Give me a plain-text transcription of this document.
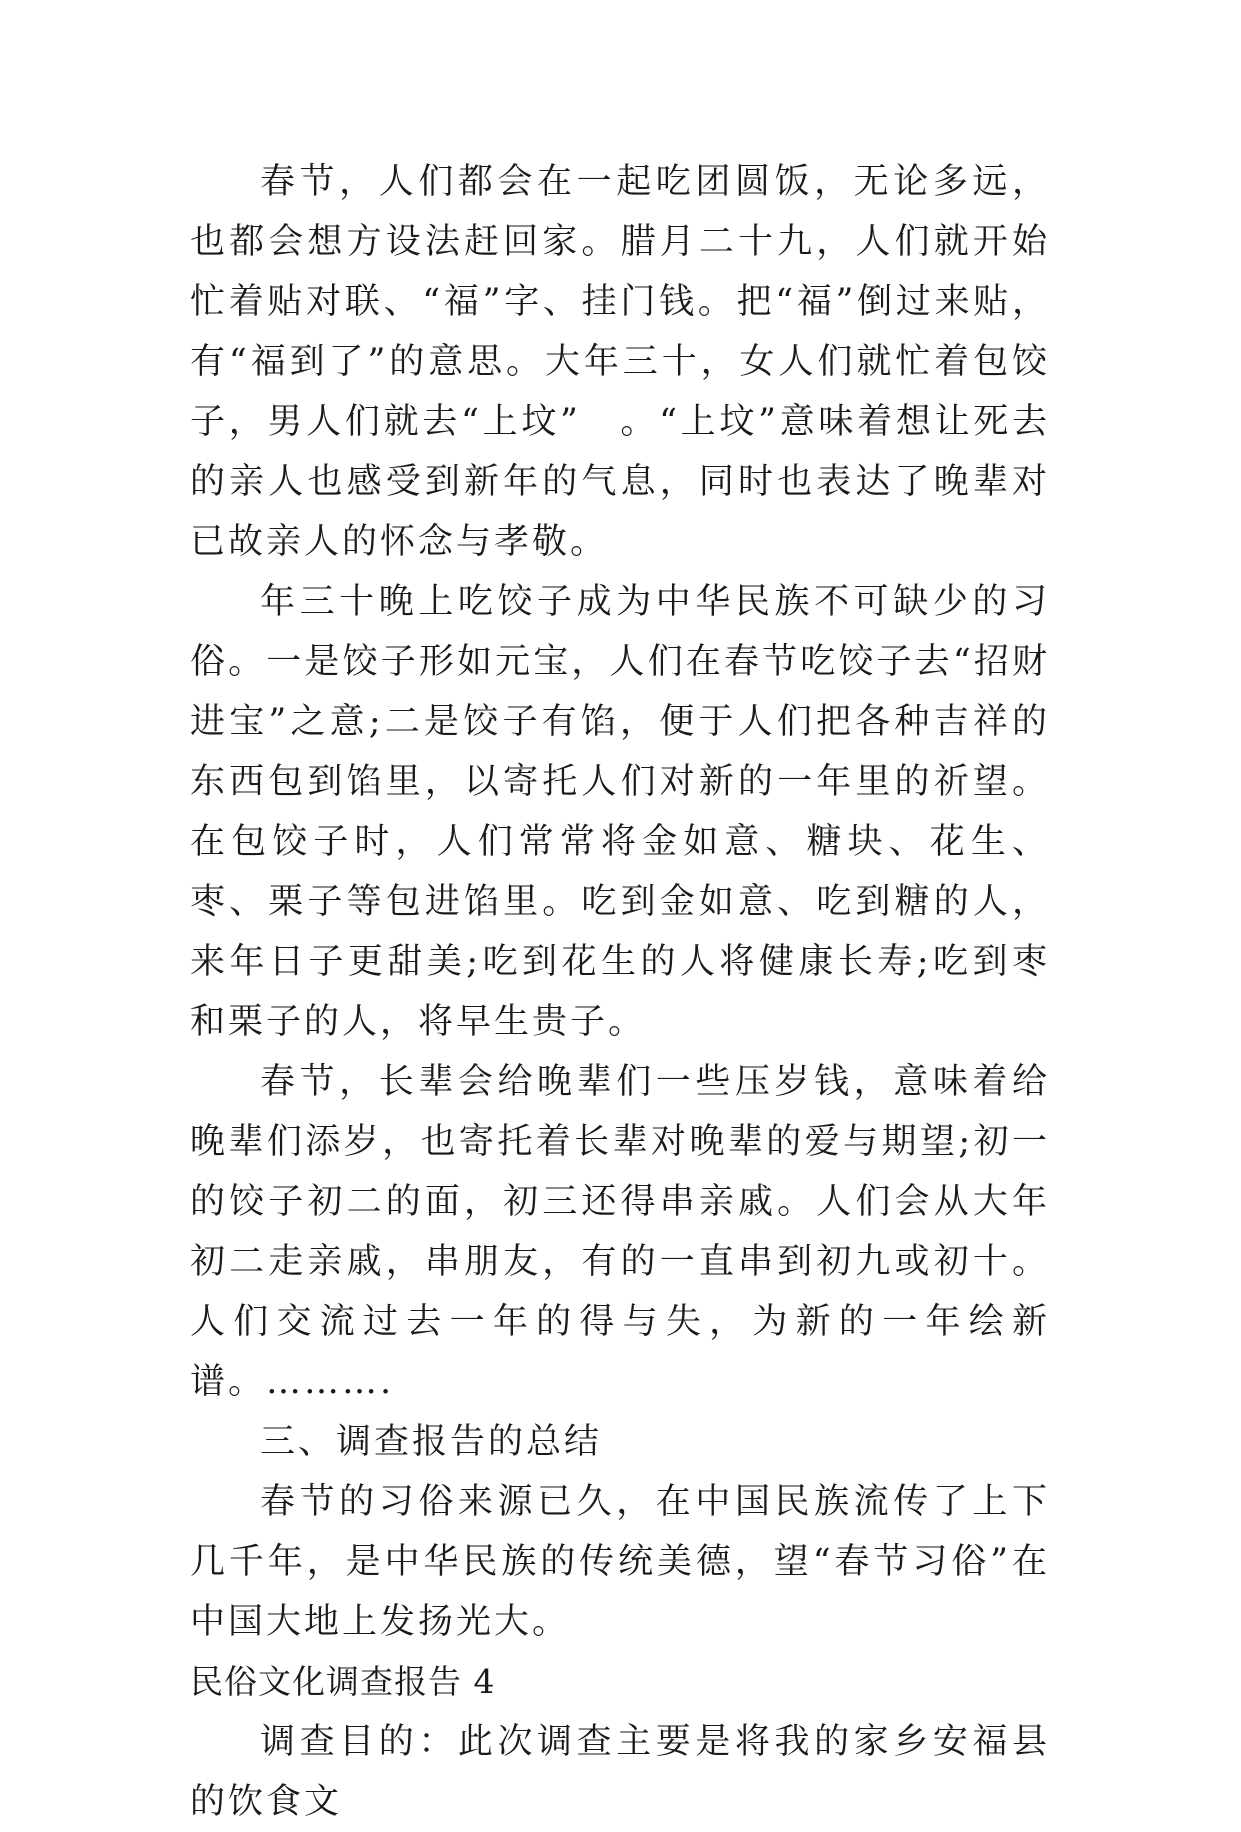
春节，人们都会在一起吃团圆饭，无论多远，也都会想方设法赶回家。腊月二十九，人们就开始忙着贴对联、“福”字、挂门钱。把“福”倒过来贴，有“福到了”的意思。大年三十，女人们就忙着包饺子，男人们就去“上坟”　。“上坟”意味着想让死去的亲人也感受到新年的气息，同时也表达了晚辈对已故亲人的怀念与孝敬。

年三十晚上吃饺子成为中华民族不可缺少的习俗。一是饺子形如元宝，人们在春节吃饺子去“招财进宝”之意;二是饺子有馅，便于人们把各种吉祥的东西包到馅里，以寄托人们对新的一年里的祈望。在包饺子时，人们常常将金如意、糖块、花生、枣、栗子等包进馅里。吃到金如意、吃到糖的人，来年日子更甜美;吃到花生的人将健康长寿;吃到枣和栗子的人，将早生贵子。

春节，长辈会给晚辈们一些压岁钱，意味着给晚辈们添岁，也寄托着长辈对晚辈的爱与期望;初一的饺子初二的面，初三还得串亲戚。人们会从大年初二走亲戚，串朋友，有的一直串到初九或初十。人们交流过去一年的得与失，为新的一年绘新谱。……….

三、调查报告的总结

春节的习俗来源已久，在中国民族流传了上下几千年，是中华民族的传统美德，望“春节习俗”在中国大地上发扬光大。

民俗文化调查报告 4

调查目的：此次调查主要是将我的家乡安福县的饮食文
